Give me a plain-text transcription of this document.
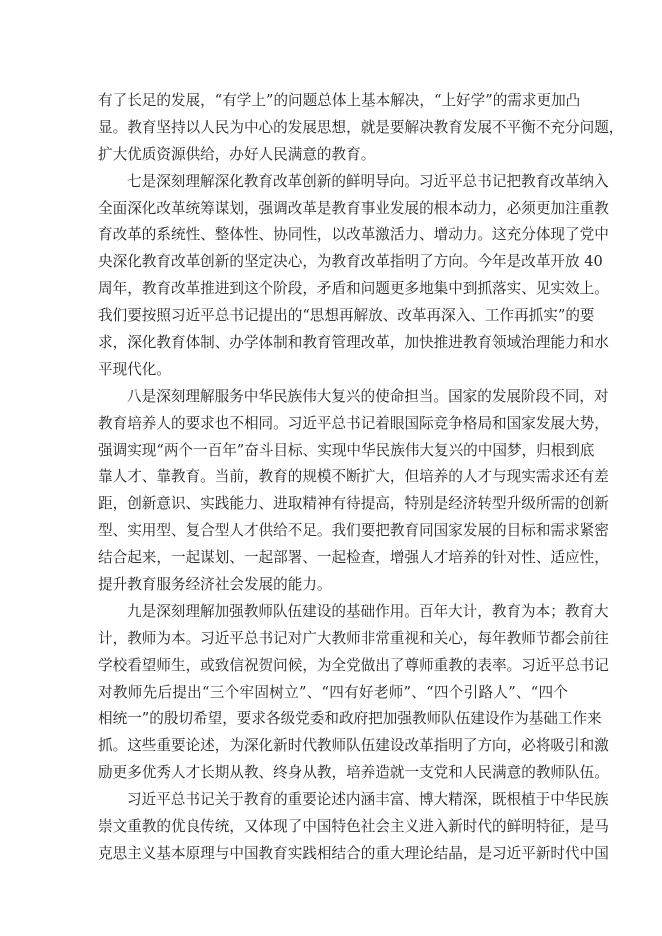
有了长足的发展，“有学上”的问题总体上基本解决，“上好学”的需求更加凸
显。教育坚持以人民为中心的发展思想，就是要解决教育发展不平衡不充分问题，
扩大优质资源供给，办好人民满意的教育。
七是深刻理解深化教育改革创新的鲜明导向。习近平总书记把教育改革纳入
全面深化改革统筹谋划，强调改革是教育事业发展的根本动力，必须更加注重教
育改革的系统性、整体性、协同性，以改革激活力、增动力。这充分体现了党中
央深化教育改革创新的坚定决心，为教育改革指明了方向。今年是改革开放 40
周年，教育改革推进到这个阶段，矛盾和问题更多地集中到抓落实、见实效上。
我们要按照习近平总书记提出的“思想再解放、改革再深入、工作再抓实”的要
求，深化教育体制、办学体制和教育管理改革，加快推进教育领域治理能力和水
平现代化。
八是深刻理解服务中华民族伟大复兴的使命担当。国家的发展阶段不同，对
教育培养人的要求也不相同。习近平总书记着眼国际竞争格局和国家发展大势，
强调实现“两个一百年”奋斗目标、实现中华民族伟大复兴的中国梦，归根到底
靠人才、靠教育。当前，教育的规模不断扩大，但培养的人才与现实需求还有差
距，创新意识、实践能力、进取精神有待提高，特别是经济转型升级所需的创新
型、实用型、复合型人才供给不足。我们要把教育同国家发展的目标和需求紧密
结合起来，一起谋划、一起部署、一起检查，增强人才培养的针对性、适应性，
提升教育服务经济社会发展的能力。
九是深刻理解加强教师队伍建设的基础作用。百年大计，教育为本；教育大
计，教师为本。习近平总书记对广大教师非常重视和关心，每年教师节都会前往
学校看望师生，或致信祝贺问候，为全党做出了尊师重教的表率。习近平总书记
对教师先后提出“三个牢固树立”、“四有好老师”、“四个引路人”、“四个
相统一”的殷切希望，要求各级党委和政府把加强教师队伍建设作为基础工作来
抓。这些重要论述，为深化新时代教师队伍建设改革指明了方向，必将吸引和激
励更多优秀人才长期从教、终身从教，培养造就一支党和人民满意的教师队伍。
习近平总书记关于教育的重要论述内涵丰富、博大精深，既根植于中华民族
崇文重教的优良传统，又体现了中国特色社会主义进入新时代的鲜明特征，是马
克思主义基本原理与中国教育实践相结合的重大理论结晶，是习近平新时代中国
